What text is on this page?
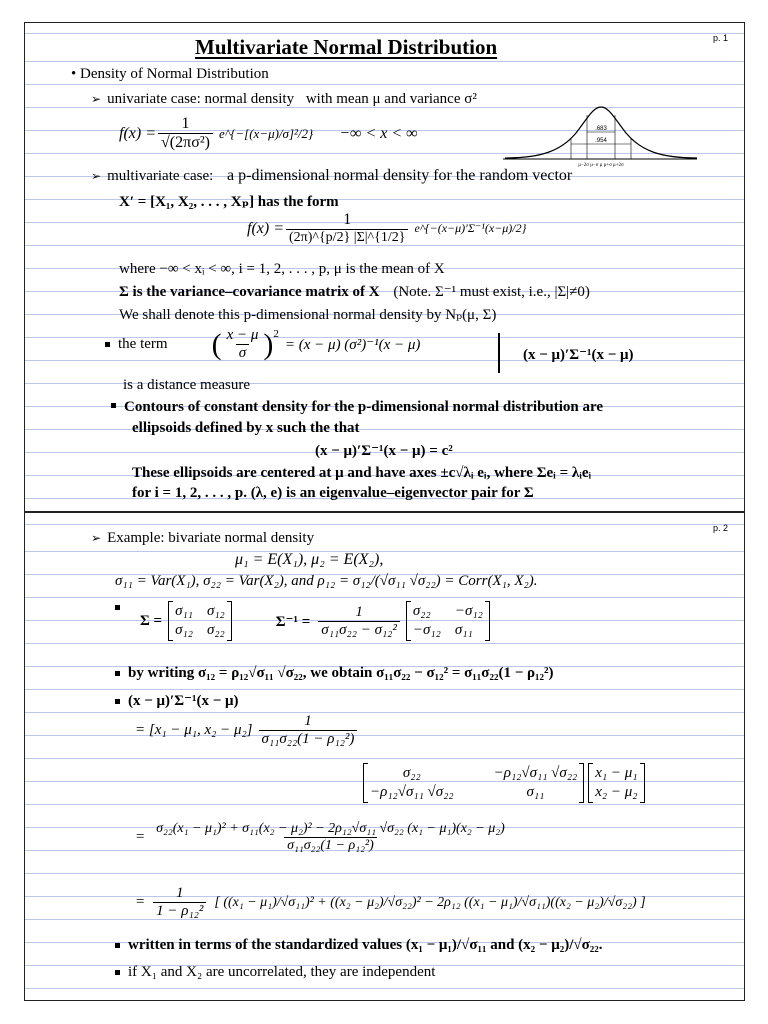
p. 1
Multivariate Normal Distribution
• Density of Normal Distribution
➢ univariate case: normal density with mean μ and variance σ²
$f(x) = \frac{1}{\text{√(2πσ²)}}$ e^{−[(x−μ)/σ]²/2} −∞ < x < ∞	.683
.954
μ−2σ μ−σ μ μ+σ μ+2σ
➢ multivariate case: a p-dimensional normal density for the random vector
X′ = [X₁, X₂, . . . , Xₚ] has the form
$f(x) = \frac{1}{(2\pi)\^{}\{p/2\} |\Sigma|\^{}\{1/2\}}$ e^{−(x−μ)′Σ⁻¹(x−μ)/2}
where −∞ < xᵢ < ∞, i = 1, 2, . . . , p, μ is the mean of X
Σ is the variance–covariance matrix of X (Note. Σ⁻¹ must exist, i.e., |Σ|≠0)
We shall denote this p-dimensional normal density by Nₚ(μ, Σ)
the term ( $\frac{x - \mu}{\sigma}$ ) 2
= (x − μ) (σ²)⁻¹(x − μ)
(x − μ)′Σ⁻¹(x − μ)
is a distance measure
Contours of constant density for the p-dimensional normal distribution are
ellipsoids defined by x such the that
(x − μ)′Σ⁻¹(x − μ) = c²
These ellipsoids are centered at μ and have axes ±c√λᵢ eᵢ, where Σeᵢ = λᵢeᵢ
for i = 1, 2, . . . , p. (λ, e) is an eigenvalue–eigenvector pair for Σ
p. 2
➢ Example: bivariate normal density
μ₁ = E(X₁), μ₂ = E(X₂),
σ₁₁ = Var(X₁), σ₂₂ = Var(X₂), and ρ₁₂ = σ₁₂/(√σ₁₁ √σ₂₂) = Corr(X₁, X₂).
Σ =
σ₁₁ σ₁₂
σ₁₂ σ₂₂
$\Sigma^{-1} = \frac{1}{\text{σ₁₁σ₂₂ − σ₁₂²}} \sigma_{22}$	−σ₁₂
−σ₁₂ σ₁₁
by writing σ₁₂ = ρ₁₂√σ₁₁ √σ₂₂, we obtain σ₁₁σ₂₂ − σ₁₂² = σ₁₁σ₂₂(1 − ρ₁₂²)
(x − μ)′Σ⁻¹(x − μ)
= [x₁ − μ₁, $x_2 - \mu_2] \frac{1}{\text{σ₁₁σ₂₂(1 − ρ₁₂²)}}$
σ₂₂	−ρ₁₂√σ₁₁ √σ₂₂
−ρ₁₂√σ₁₁ √σ₂₂	σ₁₁
x₁ − μ₁
x₂ − μ₂
=
σ₂₂(x₁ − μ₁)² + σ₁₁(x₂ − μ₂)² − 2ρ₁₂√σ₁₁ √σ₂₂ (x₁ − μ₁)(x₂ − μ₂)
σ₁₁σ₂₂(1 − ρ₁₂²)
= $\frac{1}{\text{1 − ρ₁₂²}}$ [ ((x₁ − μ₁)/√σ₁₁)² + ((x₂ − μ₂)/√σ₂₂)² − 2ρ₁₂ ((x₁ − μ₁)/√σ₁₁)((x₂ − μ₂)/√σ₂₂) ]
written in terms of the standardized values (x₁ − μ₁)/√σ₁₁ and (x₂ − μ₂)/√σ₂₂.
if X₁ and X₂ are uncorrelated, they are independent
